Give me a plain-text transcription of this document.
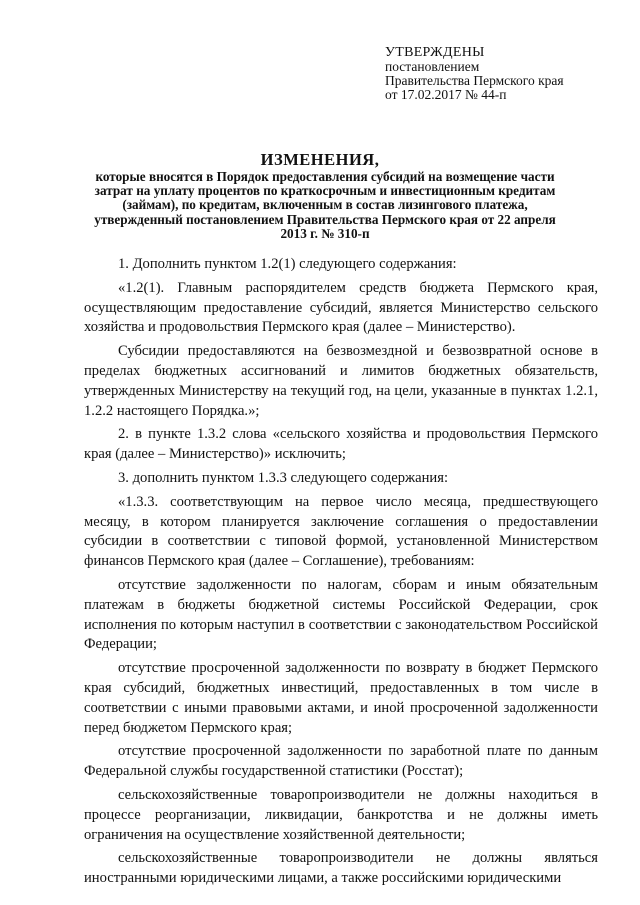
УТВЕРЖДЕНЫ
постановлением
Правительства Пермского края
от 17.02.2017 № 44-п
ИЗМЕНЕНИЯ,
которые вносятся в Порядок предоставления субсидий на возмещение части затрат на уплату процентов по краткосрочным и инвестиционным кредитам (займам), по кредитам, включенным в состав лизингового платежа, утвержденный постановлением Правительства Пермского края от 22 апреля 2013 г. № 310-п

1. Дополнить пунктом 1.2(1) следующего содержания:

«1.2(1). Главным распорядителем средств бюджета Пермского края, осуществляющим предоставление субсидий, является Министерство сельского хозяйства и продовольствия Пермского края (далее – Министерство).

Субсидии предоставляются на безвозмездной и безвозвратной основе в пределах бюджетных ассигнований и лимитов бюджетных обязательств, утвержденных Министерству на текущий год, на цели, указанные в пунктах 1.2.1, 1.2.2 настоящего Порядка.»;

2. в пункте 1.3.2 слова «сельского хозяйства и продовольствия Пермского края (далее – Министерство)» исключить;

3. дополнить пунктом 1.3.3 следующего содержания:

«1.3.3. соответствующим на первое число месяца, предшествующего месяцу, в котором планируется заключение соглашения о предоставлении субсидии в соответствии с типовой формой, установленной Министерством финансов Пермского края (далее – Соглашение), требованиям:

отсутствие задолженности по налогам, сборам и иным обязательным платежам в бюджеты бюджетной системы Российской Федерации, срок исполнения по которым наступил в соответствии с законодательством Российской Федерации;

отсутствие просроченной задолженности по возврату в бюджет Пермского края субсидий, бюджетных инвестиций, предоставленных в том числе в соответствии с иными правовыми актами, и иной просроченной задолженности перед бюджетом Пермского края;

отсутствие просроченной задолженности по заработной плате по данным Федеральной службы государственной статистики (Росстат);

сельскохозяйственные товаропроизводители не должны находиться в процессе реорганизации, ликвидации, банкротства и не должны иметь ограничения на осуществление хозяйственной деятельности;

сельскохозяйственные товаропроизводители не должны являться иностранными юридическими лицами, а также российскими юридическими
